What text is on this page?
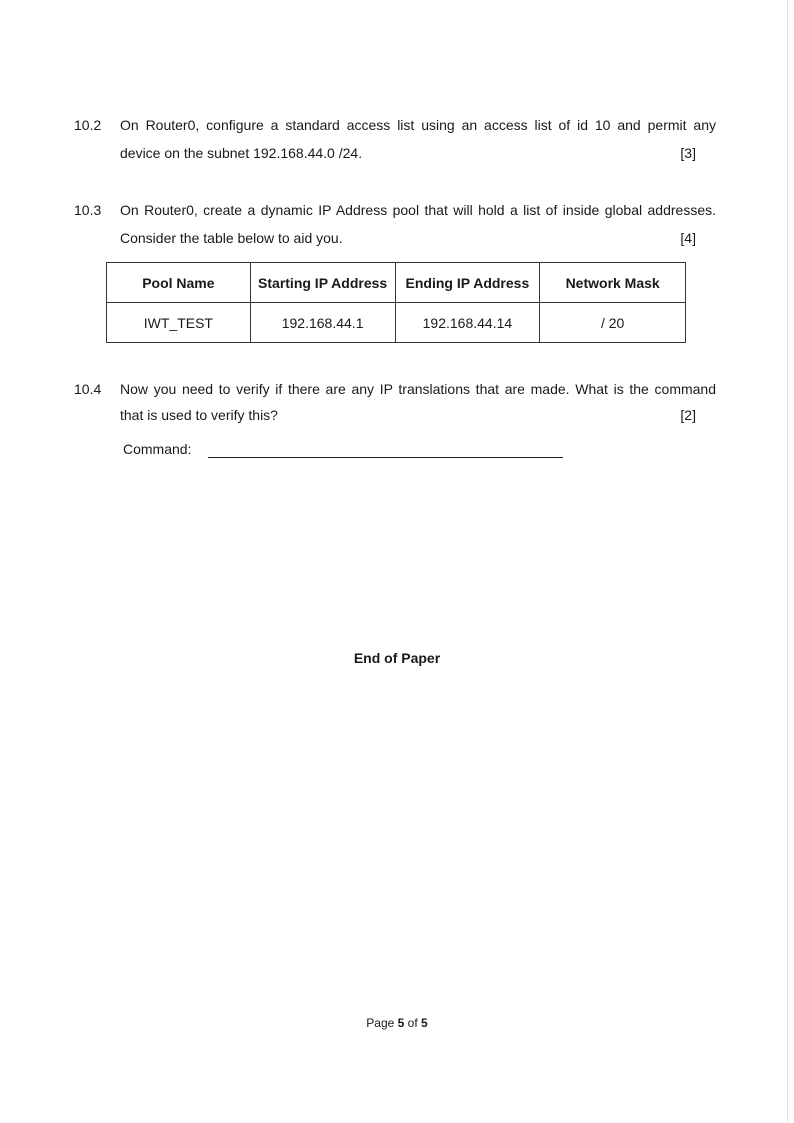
10.2 On Router0, configure a standard access list using an access list of id 10 and permit any
device on the subnet 192.168.44.0 /24.	[3]
10.3 On Router0, create a dynamic IP Address pool that will hold a list of inside global addresses.
Consider the table below to aid you.	[4]
Pool Name	Starting IP Address	Ending IP Address	Network Mask
IWT_TEST	192.168.44.1	192.168.44.14	/ 20
10.4 Now you need to verify if there are any IP translations that are made. What is the command
that is used to verify this?	[2]
Command:
End of Paper
Page 5 of 5
